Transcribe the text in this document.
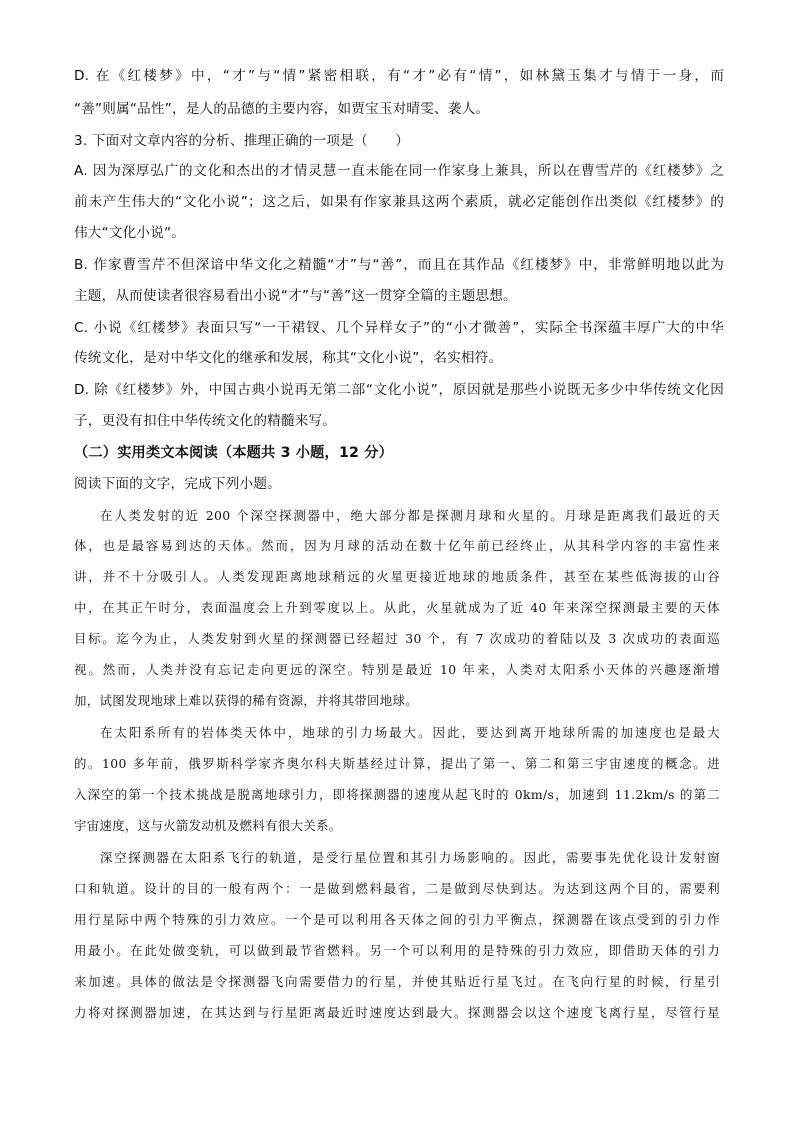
D. 在《红楼梦》中，“才”与“情”紧密相联，有“才”必有“情”，如林黛玉集才与情于一身，而
“善”则属“品性”，是人的品德的主要内容，如贾宝玉对晴雯、袭人。
3. 下面对文章内容的分析、推理正确的一项是（　　）
A. 因为深厚弘广的文化和杰出的才情灵慧一直未能在同一作家身上兼具，所以在曹雪芹的《红楼梦》之
前未产生伟大的“文化小说”；这之后，如果有作家兼具这两个素质，就必定能创作出类似《红楼梦》的
伟大“文化小说”。
B. 作家曹雪芹不但深谙中华文化之精髓“才”与“善”，而且在其作品《红楼梦》中，非常鲜明地以此为
主题，从而使读者很容易看出小说“才”与“善”这一贯穿全篇的主题思想。
C. 小说《红楼梦》表面只写“一干裙钗、几个异样女子”的“小才微善”，实际全书深蕴丰厚广大的中华
传统文化，是对中华文化的继承和发展，称其“文化小说”，名实相符。
D. 除《红楼梦》外，中国古典小说再无第二部“文化小说”，原因就是那些小说既无多少中华传统文化因
子，更没有扣住中华传统文化的精髓来写。
（二）实用类文本阅读（本题共 3 小题，12 分）
阅读下面的文字，完成下列小题。
在人类发射的近 200 个深空探测器中，绝大部分都是探测月球和火星的。月球是距离我们最近的天
体，也是最容易到达的天体。然而，因为月球的活动在数十亿年前已经终止，从其科学内容的丰富性来
讲，并不十分吸引人。人类发现距离地球稍远的火星更接近地球的地质条件，甚至在某些低海拔的山谷
中，在其正午时分，表面温度会上升到零度以上。从此，火星就成为了近 40 年来深空探测最主要的天体
目标。迄今为止，人类发射到火星的探测器已经超过 30 个，有 7 次成功的着陆以及 3 次成功的表面巡
视。然而，人类并没有忘记走向更远的深空。特别是最近 10 年来，人类对太阳系小天体的兴趣逐渐增
加，试图发现地球上难以获得的稀有资源，并将其带回地球。
在太阳系所有的岩体类天体中，地球的引力场最大。因此，要达到离开地球所需的加速度也是最大
的。100 多年前，俄罗斯科学家齐奥尔科夫斯基经过计算，提出了第一、第二和第三宇宙速度的概念。进
入深空的第一个技术挑战是脱离地球引力，即将探测器的速度从起飞时的 0km/s，加速到 11.2km/s 的第二
宇宙速度，这与火箭发动机及燃料有很大关系。
深空探测器在太阳系飞行的轨道，是受行星位置和其引力场影响的。因此，需要事先优化设计发射窗
口和轨道。设计的目的一般有两个：一是做到燃料最省，二是做到尽快到达。为达到这两个目的，需要利
用行星际中两个特殊的引力效应。一个是可以利用各天体之间的引力平衡点，探测器在该点受到的引力作
用最小。在此处做变轨，可以做到最节省燃料。另一个可以利用的是特殊的引力效应，即借助天体的引力
来加速。具体的做法是令探测器飞向需要借力的行星，并使其贴近行星飞过。在飞向行星的时候，行星引
力将对探测器加速，在其达到与行星距离最近时速度达到最大。探测器会以这个速度飞离行星，尽管行星
